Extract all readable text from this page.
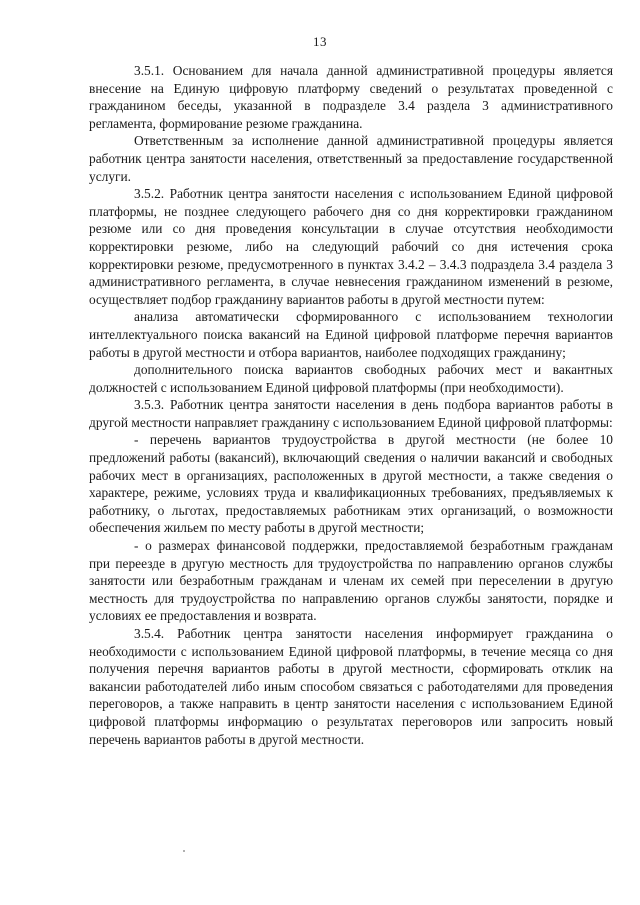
13

3.5.1. Основанием для начала данной административной процедуры является внесение на Единую цифровую платформу сведений о результатах проведенной с гражданином беседы, указанной в подразделе 3.4 раздела 3 административного регламента, формирование резюме гражданина.

Ответственным за исполнение данной административной процедуры является работник центра занятости населения, ответственный за предоставление государственной услуги.

3.5.2. Работник центра занятости населения с использованием Единой цифровой платформы, не позднее следующего рабочего дня со дня корректировки гражданином резюме или со дня проведения консультации в случае отсутствия необходимости корректировки резюме, либо на следующий рабочий со дня истечения срока корректировки резюме, предусмотренного в пунктах 3.4.2 – 3.4.3 подраздела 3.4 раздела 3 административного регламента, в случае невнесения гражданином изменений в резюме, осуществляет подбор гражданину вариантов работы в другой местности путем:

анализа автоматически сформированного с использованием технологии интеллектуального поиска вакансий на Единой цифровой платформе перечня вариантов работы в другой местности и отбора вариантов, наиболее подходящих гражданину;

дополнительного поиска вариантов свободных рабочих мест и вакантных должностей с использованием Единой цифровой платформы (при необходимости).

3.5.3. Работник центра занятости населения в день подбора вариантов работы в другой местности направляет гражданину с использованием Единой цифровой платформы:

- перечень вариантов трудоустройства в другой местности (не более 10 предложений работы (вакансий), включающий сведения о наличии вакансий и свободных рабочих мест в организациях, расположенных в другой местности, а также сведения о характере, режиме, условиях труда и квалификационных требованиях, предъявляемых к работнику, о льготах, предоставляемых работникам этих организаций, о возможности обеспечения жильем по месту работы в другой местности;

- о размерах финансовой поддержки, предоставляемой безработным гражданам при переезде в другую местность для трудоустройства по направлению органов службы занятости или безработным гражданам и членам их семей при переселении в другую местность для трудоустройства по направлению органов службы занятости, порядке и условиях ее предоставления и возврата.

3.5.4. Работник центра занятости населения информирует гражданина о необходимости с использованием Единой цифровой платформы, в течение месяца со дня получения перечня вариантов работы в другой местности, сформировать отклик на вакансии работодателей либо иным способом связаться с работодателями для проведения переговоров, а также направить в центр занятости населения с использованием Единой цифровой платформы информацию о результатах переговоров или запросить новый перечень вариантов работы в другой местности.
